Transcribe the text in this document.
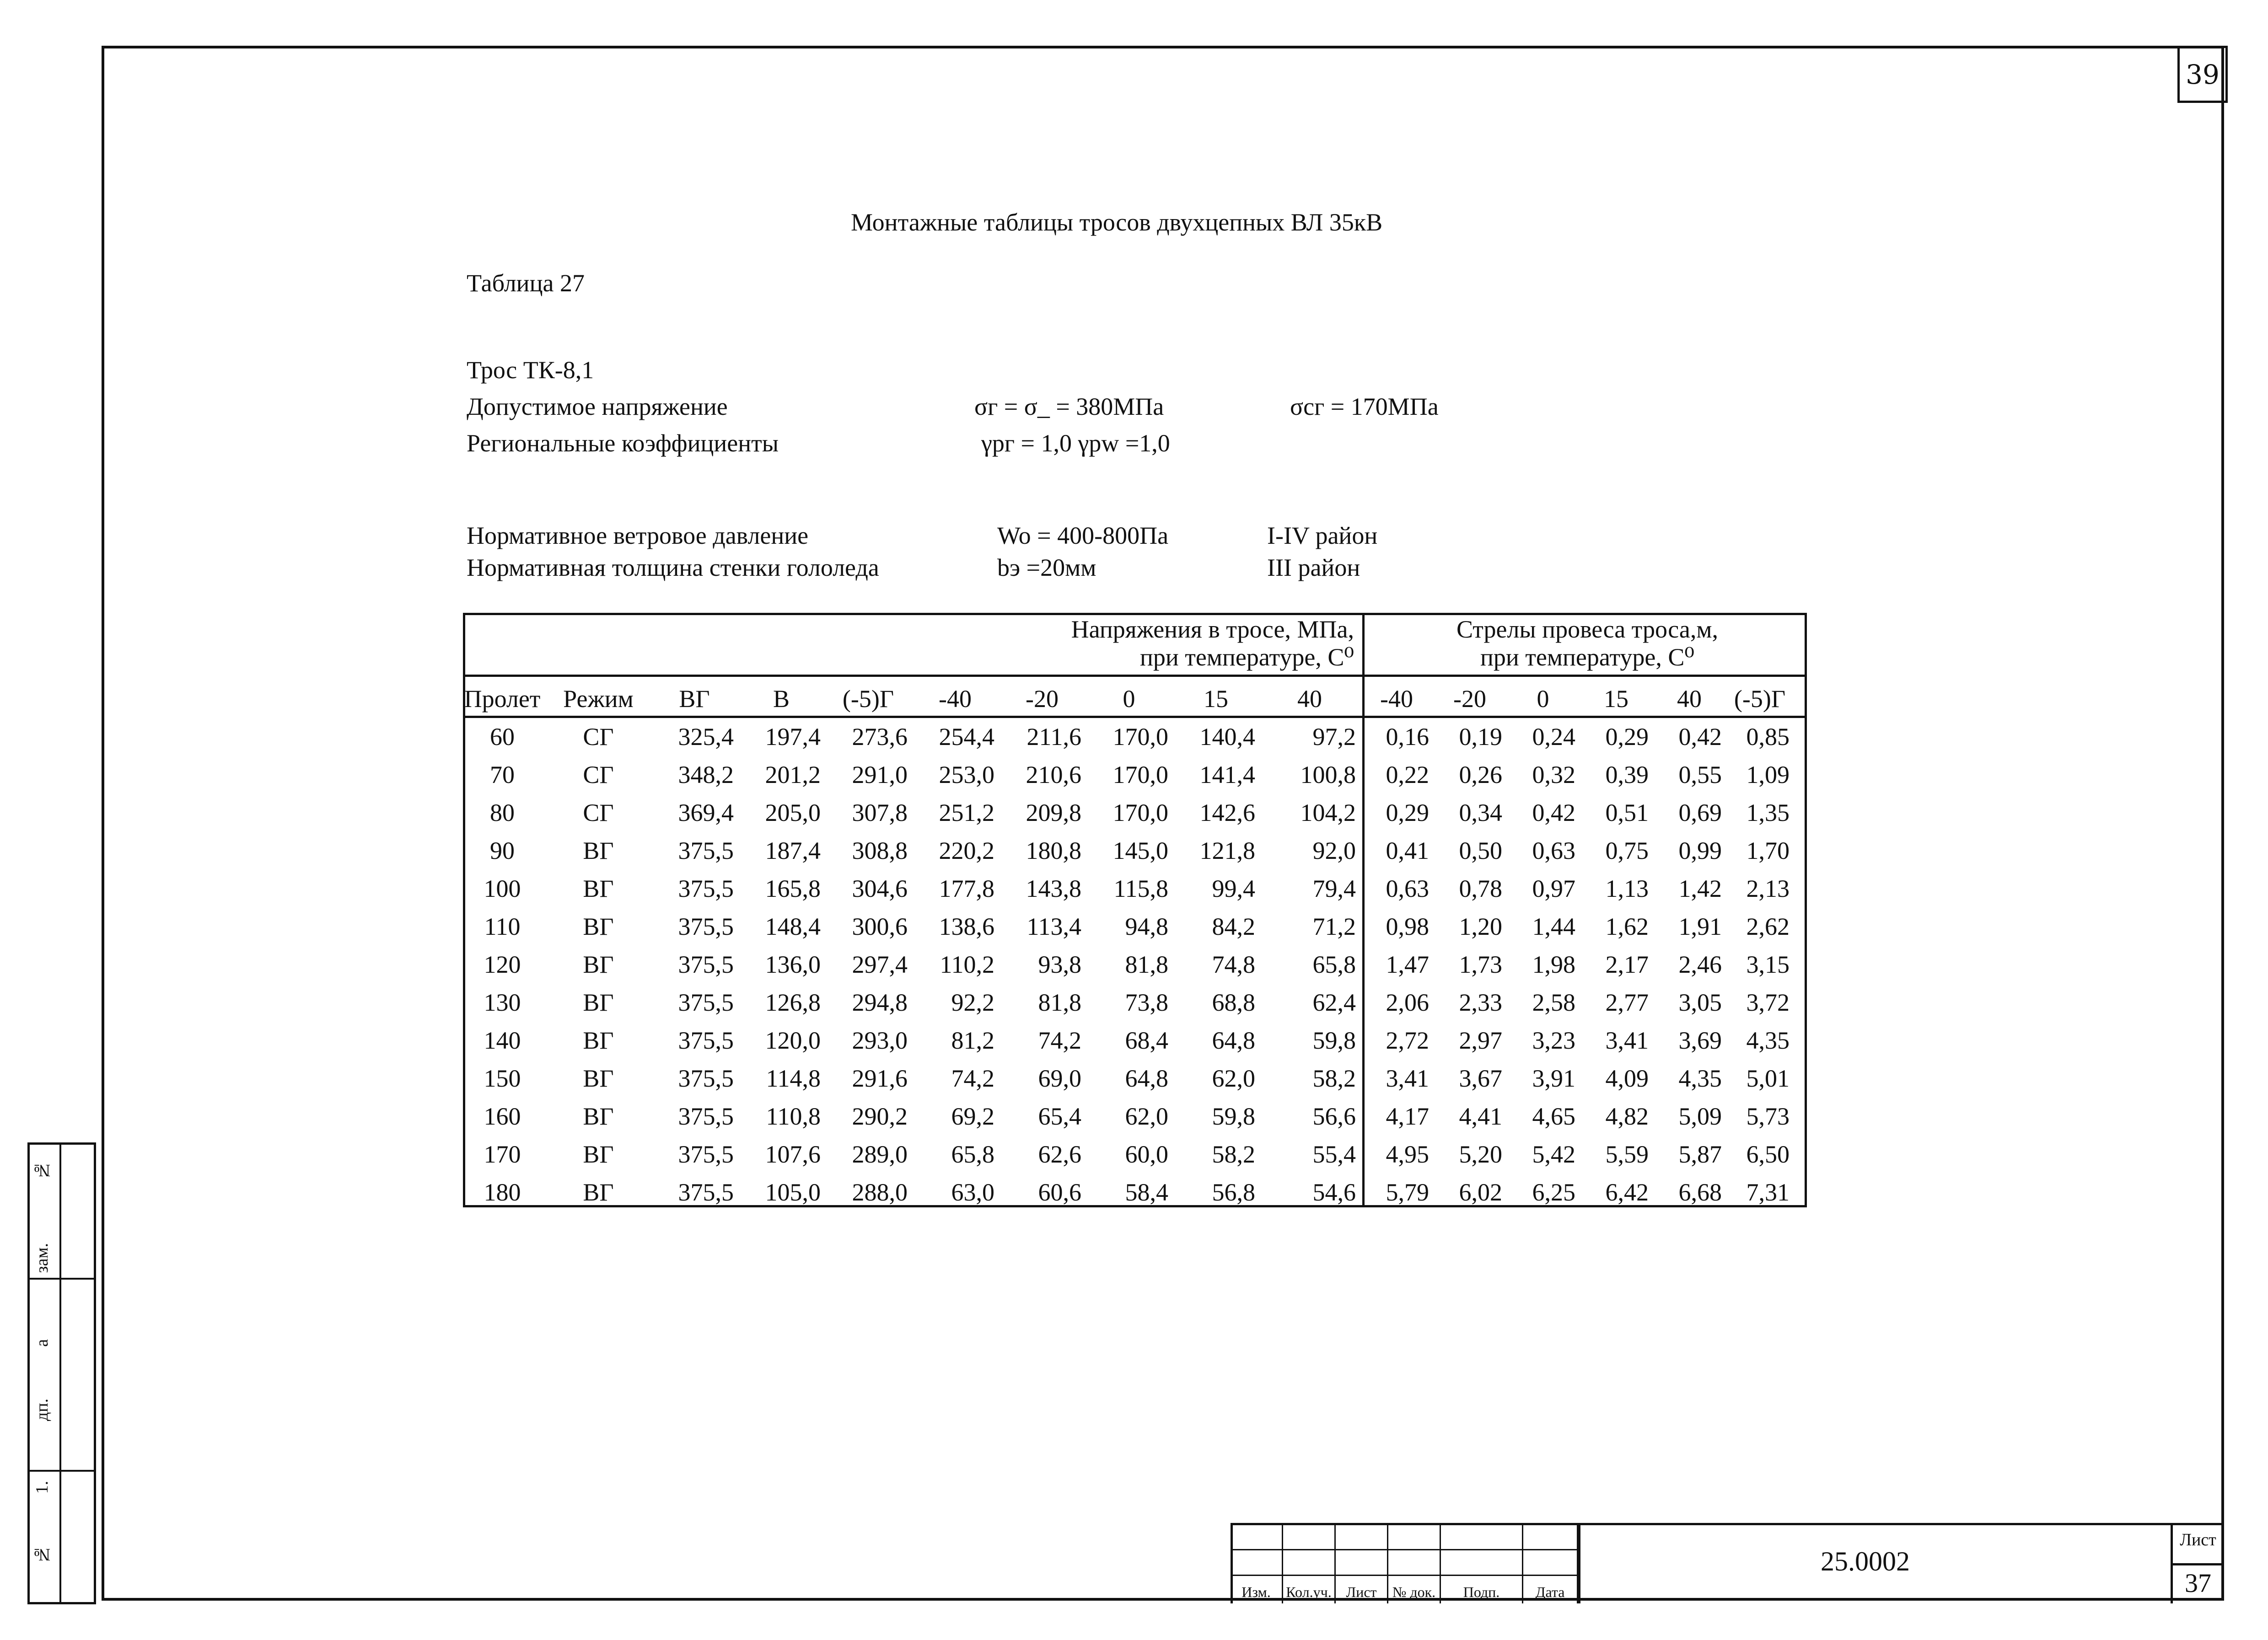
39
Монтажные таблицы тросов двухцепных ВЛ 35кВ
Таблица 27
Трос ТК-8,1
Допустимое напряжение	σг = σ_ = 380МПа	σсг = 170МПа
Региональные коэффициенты	γpг = 1,0 γpw =1,0
Нормативное ветровое давление	Wo = 400-800Па	I-IV район
Нормативная толщина стенки гололеда	bэ =20мм	III район
Напряжения в тросе, МПа,
при температуре, С⁰
Стрелы провеса троса,м,
при температуре, С⁰
Пролет Режим	ВГ	В	(-5)Г	-40	-20	0	15	40	-40	-20	0	15	40	(-5)Г
60	СГ	325,4	197,4	273,6	254,4	211,6	170,0	140,4	97,2	0,16	0,19	0,24	0,29	0,42 0,85
70	СГ	348,2	201,2	291,0	253,0	210,6	170,0	141,4	100,8	0,22	0,26	0,32	0,39	0,55 1,09
80	СГ	369,4	205,0	307,8	251,2	209,8	170,0	142,6	104,2	0,29	0,34	0,42	0,51	0,69 1,35
90	ВГ	375,5	187,4	308,8	220,2	180,8	145,0	121,8	92,0	0,41	0,50	0,63	0,75	0,99 1,70
100	ВГ	375,5	165,8	304,6	177,8	143,8	115,8	99,4	79,4	0,63	0,78	0,97	1,13	1,42 2,13
110	ВГ	375,5	148,4	300,6	138,6	113,4	94,8	84,2	71,2	0,98	1,20	1,44	1,62	1,91 2,62
120	ВГ	375,5	136,0	297,4	110,2	93,8	81,8	74,8	65,8	1,47	1,73	1,98	2,17	2,46 3,15
130	ВГ	375,5	126,8	294,8	92,2	81,8	73,8	68,8	62,4	2,06	2,33	2,58	2,77	3,05 3,72
140	ВГ	375,5	120,0	293,0	81,2	74,2	68,4	64,8	59,8	2,72	2,97	3,23	3,41	3,69 4,35
150	ВГ	375,5	114,8	291,6	74,2	69,0	64,8	62,0	58,2	3,41	3,67	3,91	4,09	4,35 5,01
160	ВГ	375,5	110,8	290,2	69,2	65,4	62,0	59,8	56,6	4,17	4,41	4,65	4,82	5,09 5,73
170	ВГ	375,5	107,6	289,0	65,8	62,6	60,0	58,2	55,4	4,95	5,20	5,42	5,59	5,87 6,50
180	ВГ	375,5	105,0	288,0	63,0	60,6	58,4	56,8	54,6	5,79	6,02	6,25	6,42	6,68 7,31
Изм.	Кол.уч. Лист	№ док.	Подп.	Дата
25.0002
Лист
37
№
зам.
а
дп.
1.
№
